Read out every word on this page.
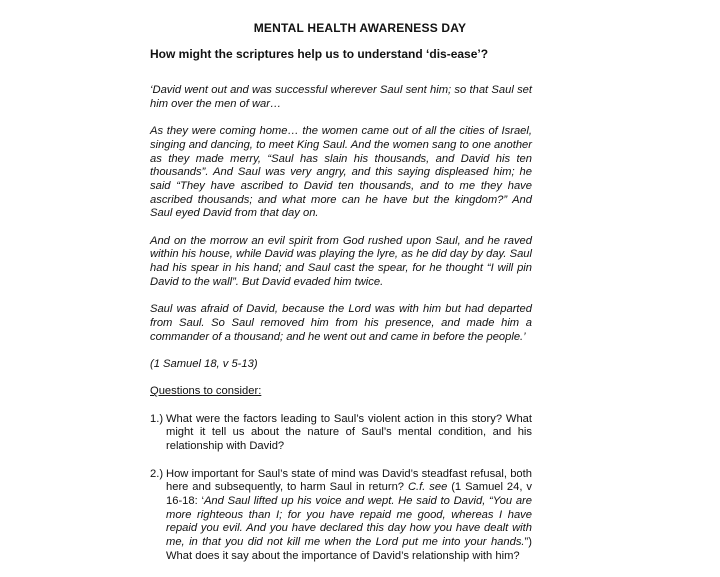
MENTAL HEALTH AWARENESS DAY
How might the scriptures help us to understand ‘dis-ease’?

‘David went out and was successful wherever Saul sent him; so that Saul set him over the men of war…

As they were coming home… the women came out of all the cities of Israel, singing and dancing, to meet King Saul. And the women sang to one another as they made merry, “Saul has slain his thousands, and David his ten thousands”. And Saul was very angry, and this saying displeased him; he said “They have ascribed to David ten thousands, and to me they have ascribed thousands; and what more can he have but the kingdom?” And Saul eyed David from that day on.

And on the morrow an evil spirit from God rushed upon Saul, and he raved within his house, while David was playing the lyre, as he did day by day. Saul had his spear in his hand; and Saul cast the spear, for he thought “I will pin David to the wall”. But David evaded him twice.

Saul was afraid of David, because the Lord was with him but had departed from Saul. So Saul removed him from his presence, and made him a commander of a thousand; and he went out and came in before the people.’

(1 Samuel 18, v 5-13)

Questions to consider:

1.) What were the factors leading to Saul’s violent action in this story? What might it tell us about the nature of Saul’s mental condition, and his relationship with David?
2.) How important for Saul’s state of mind was David’s steadfast refusal, both here and subsequently, to harm Saul in return? C.f. see (1 Samuel 24, v 16-18: ‘And Saul lifted up his voice and wept. He said to David, “You are more righteous than I; for you have repaid me good, whereas I have repaid you evil. And you have declared this day how you have dealt with me, in that you did not kill me when the Lord put me into your hands.”) What does it say about the importance of David’s relationship with him?
